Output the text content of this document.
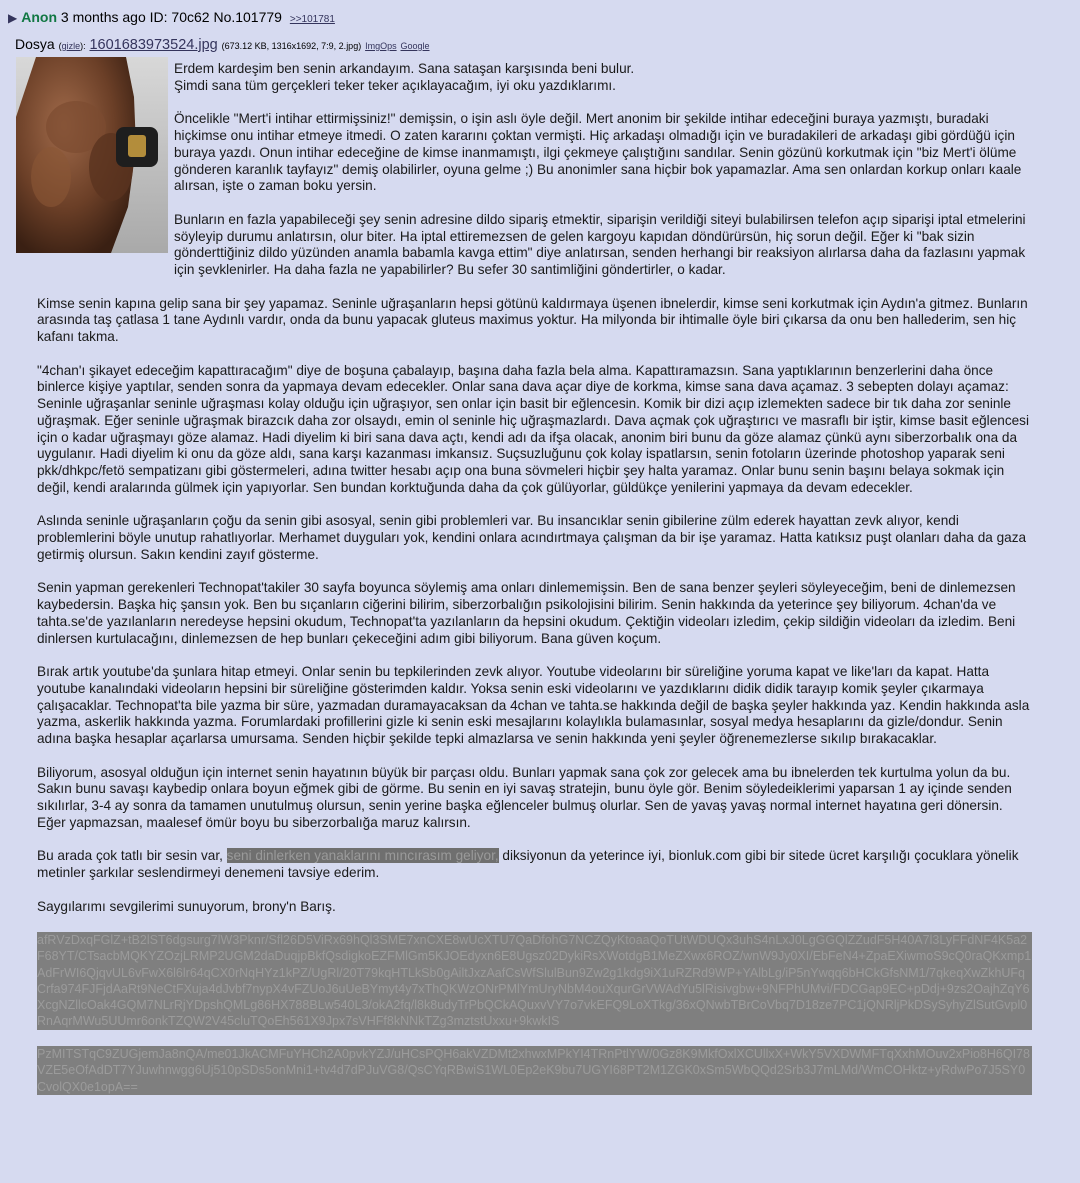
▶ Anon 3 months ago ID: 70c62 No.101779 >>101781
Dosya (gizle): 1601683973524.jpg (673.12 KB, 1316x1692, 7:9, 2.jpg) ImgOps Google

Erdem kardeşim ben senin arkandayım. Sana sataşan karşısında beni bulur.
Şimdi sana tüm gerçekleri teker teker açıklayacağım, iyi oku yazdıklarımı.

Öncelikle "Mert'i intihar ettirmişsiniz!" demişsin, o işin aslı öyle değil. Mert anonim bir şekilde intihar edeceğini buraya yazmıştı, buradaki hiçkimse onu intihar etmeye itmedi. O zaten kararını çoktan vermişti. Hiç arkadaşı olmadığı için ve buradakileri de arkadaşı gibi gördüğü için buraya yazdı. Onun intihar edeceğine de kimse inanmamıştı, ilgi çekmeye çalıştığını sandılar. Senin gözünü korkutmak için "biz Mert'i ölüme gönderen karanlık tayfayız" demiş olabilirler, oyuna gelme ;) Bu anonimler sana hiçbir bok yapamazlar. Ama sen onlardan korkup onları kaale alırsan, işte o zaman boku yersin.

Bunların en fazla yapabileceği şey senin adresine dildo sipariş etmektir, siparişin verildiği siteyi bulabilirsen telefon açıp siparişi iptal etmelerini söyleyip durumu anlatırsın, olur biter. Ha iptal ettiremezsen de gelen kargoyu kapıdan döndürürsün, hiç sorun değil. Eğer ki "bak sizin gönderttiğiniz dildo yüzünden anamla babamla kavga ettim" diye anlatırsan, senden herhangi bir reaksiyon alırlarsa daha da fazlasını yapmak için şevklenirler. Ha daha fazla ne yapabilirler? Bu sefer 30 santimliğini göndertirler, o kadar.

Kimse senin kapına gelip sana bir şey yapamaz. Seninle uğraşanların hepsi götünü kaldırmaya üşenen ibnelerdir, kimse seni korkutmak için Aydın'a gitmez. Bunların arasında taş çatlasa 1 tane Aydınlı vardır, onda da bunu yapacak gluteus maximus yoktur. Ha milyonda bir ihtimalle öyle biri çıkarsa da onu ben hallederim, sen hiç kafanı takma.

"4chan'ı şikayet edeceğim kapattıracağım" diye de boşuna çabalayıp, başına daha fazla bela alma. Kapattıramazsın. Sana yaptıklarının benzerlerini daha önce binlerce kişiye yaptılar, senden sonra da yapmaya devam edecekler. Onlar sana dava açar diye de korkma, kimse sana dava açamaz. 3 sebepten dolayı açamaz:
Seninle uğraşanlar seninle uğraşması kolay olduğu için uğraşıyor, sen onlar için basit bir eğlencesin. Komik bir dizi açıp izlemekten sadece bir tık daha zor seninle uğraşmak. Eğer seninle uğraşmak birazcık daha zor olsaydı, emin ol seninle hiç uğraşmazlardı. Dava açmak çok uğraştırıcı ve masraflı bir iştir, kimse basit eğlencesi için o kadar uğraşmayı göze alamaz. Hadi diyelim ki biri sana dava açtı, kendi adı da ifşa olacak, anonim biri bunu da göze alamaz çünkü aynı siberzorbalık ona da uygulanır. Hadi diyelim ki onu da göze aldı, sana karşı kazanması imkansız. Suçsuzluğunu çok kolay ispatlarsın, senin fotoların üzerinde photoshop yaparak seni pkk/dhkpc/fetö sempatizanı gibi göstermeleri, adına twitter hesabı açıp ona buna sövmeleri hiçbir şey halta yaramaz. Onlar bunu senin başını belaya sokmak için değil, kendi aralarında gülmek için yapıyorlar. Sen bundan korktuğunda daha da çok gülüyorlar, güldükçe yenilerini yapmaya da devam edecekler.

Aslında seninle uğraşanların çoğu da senin gibi asosyal, senin gibi problemleri var. Bu insancıklar senin gibilerine zülm ederek hayattan zevk alıyor, kendi problemlerini böyle unutup rahatlıyorlar. Merhamet duyguları yok, kendini onlara acındırtmaya çalışman da bir işe yaramaz. Hatta katıksız puşt olanları daha da gaza getirmiş olursun. Sakın kendini zayıf gösterme.

Senin yapman gerekenleri Technopat'takiler 30 sayfa boyunca söylemiş ama onları dinlememişsin. Ben de sana benzer şeyleri söyleyeceğim, beni de dinlemezsen kaybedersin. Başka hiç şansın yok. Ben bu sıçanların ciğerini bilirim, siberzorbalığın psikolojisini bilirim. Senin hakkında da yeterince şey biliyorum. 4chan'da ve tahta.se'de yazılanların neredeyse hepsini okudum, Technopat'ta yazılanların da hepsini okudum. Çektiğin videoları izledim, çekip sildiğin videoları da izledim. Beni dinlersen kurtulacağını, dinlemezsen de hep bunları çekeceğini adım gibi biliyorum. Bana güven koçum.

Bırak artık youtube'da şunlara hitap etmeyi. Onlar senin bu tepkilerinden zevk alıyor. Youtube videolarını bir süreliğine yoruma kapat ve like'ları da kapat. Hatta youtube kanalındaki videoların hepsini bir süreliğine gösterimden kaldır. Yoksa senin eski videolarını ve yazdıklarını didik didik tarayıp komik şeyler çıkarmaya çalışacaklar. Technopat'ta bile yazma bir süre, yazmadan duramayacaksan da 4chan ve tahta.se hakkında değil de başka şeyler hakkında yaz. Kendin hakkında asla yazma, askerlik hakkında yazma. Forumlardaki profillerini gizle ki senin eski mesajlarını kolaylıkla bulamasınlar, sosyal medya hesaplarını da gizle/dondur. Senin adına başka hesaplar açarlarsa umursama. Senden hiçbir şekilde tepki almazlarsa ve senin hakkında yeni şeyler öğrenemezlerse sıkılıp bırakacaklar.

Biliyorum, asosyal olduğun için internet senin hayatının büyük bir parçası oldu. Bunları yapmak sana çok zor gelecek ama bu ibnelerden tek kurtulma yolun da bu. Sakın bunu savaşı kaybedip onlara boyun eğmek gibi de görme. Bu senin en iyi savaş stratejin, bunu öyle gör. Benim söyledeiklerimi yaparsan 1 ay içinde senden sıkılırlar, 3-4 ay sonra da tamamen unutulmuş olursun, senin yerine başka eğlenceler bulmuş olurlar. Sen de yavaş yavaş normal internet hayatına geri dönersin. Eğer yapmazsan, maalesef ömür boyu bu siberzorbalığa maruz kalırsın.

Bu arada çok tatlı bir sesin var, seni dinlerken yanaklarını mıncırasım geliyor, diksiyonun da yeterince iyi, bionluk.com gibi bir sitede ücret karşılığı çocuklara yönelik metinler şarkılar seslendirmeyi denemeni tavsiye ederim.

Saygılarımı sevgilerimi sunuyorum, brony'n Barış.

afRVzDxqFGlZ+tB2lST6dgsurg7lW3Pknr/Sfl26D5ViRx69hQl3SME7xnCXE8wUcXTU7QaDfohG7NCZQyKtoaaQoTUtWDUQx3uhS4nLxJ0LgGGQlZZudF5H40A7l3LyFFdNF4K5a2F68YT/CTsacbMQKYZOzjLRMP2UGM2daDuqjpBkfQsdigkoEZFMlGm5KJOEdyxn6E8Ugsz02DykiRsXWotdgB1MeZXwx6ROZ/wnW9Jy0XI/EbFeN4+ZpaEXiwmoS9cQ0raQKxmp1AdFrWI6QjqvUL6vFwX6l6lr64qCX0rNqHYz1kPZ/UgRl/20T79kqHTLkSb0gAiltJxzAafCsWfSlulBun9Zw2g1kdg9iX1uRZRd9WP+YAlbLg/iP5nYwqq6bHCkGfsNM1/7qkeqXwZkhUFqCrfa974FJFjdAaRt9NeCtFXuja4dJvbf7nypX4vFZUoJ6uUeBYmyt4y7xThQKWzONrPMlYmUryNbM4ouXqurGrVWAdYu5lRisivgbw+9NFPhUMvi/FDCGap9EC+pDdj+9zs2OajhZqY6XcgNZllcOak4GQM7NLrRjYDpshQMLg86HX788BLw540L3/okA2fq/l8k8udyTrPbQCkAQuxvVY7o7vkEFQ9LoXTkg/36xQNwbTBrCoVbq7D18ze7PC1jQNRljPkDSySyhyZlSutGvpl0RnAqrMWu5UUmr6onkTZQW2V45cluTQoEh561X9Jpx7sVHFf8kNNkTZg3mztstUxxu+9kwkIS
PzMITSTqC9ZUGjemJa8nQA/me01JkACMFuYHCh2A0pvkYZJ/uHCsPQH6akVZDMt2xhwxMPkYI4TRnPtlYW/0Gz8K9MkfOxlXCUllxX+WkY5VXDWMFTqXxhMOuv2xPio8H6QI78VZE5eOfAdDT7YJuwhnwgg6Uj510pSDs5onMni1+tv4d7dPJuVG8/QsCYqRBwiS1WL0Ep2eK9bu7UGYI68PT2M1ZGK0xSm5WbQQd2Srb3J7mLMd/WmCOHktz+yRdwPo7J5SY0CvolQX0e1opA==
